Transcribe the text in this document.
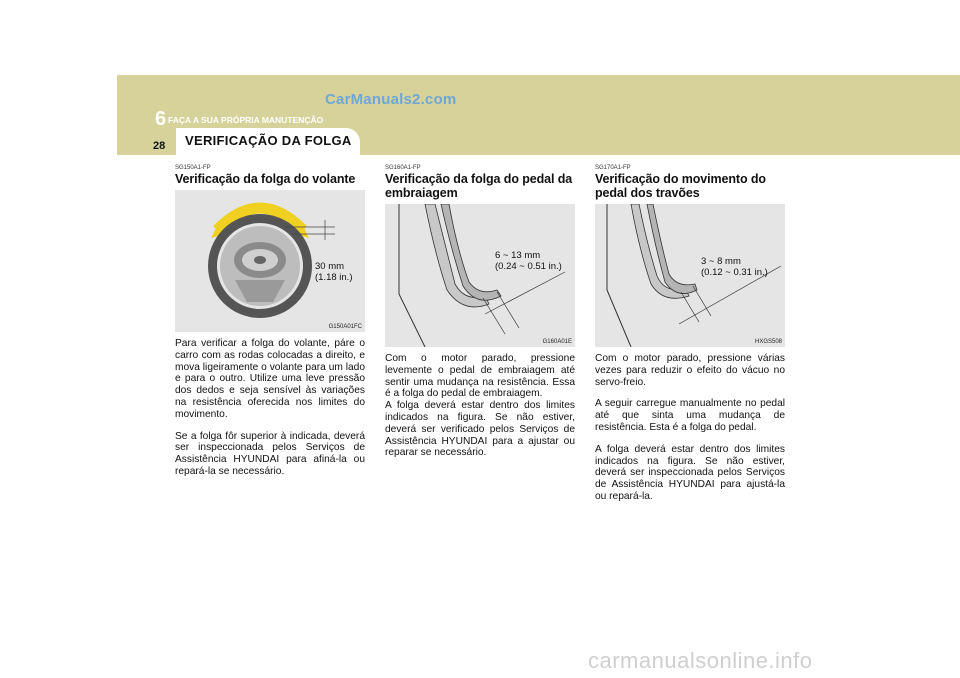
6 FAÇA A SUA PRÓPRIA MANUTENÇÃO
CarManuals2.com
28 VERIFICAÇÃO DA FOLGA

SG150A1-FP

Verificação da folga do volante
30 mm
(1.18 in.)
G150A01FC

Para verificar a folga do volante, páre o carro com as rodas colocadas a direito, e mova ligeiramente o volante para um lado e para o outro. Utilize uma leve pressão dos dedos e seja sensível às variações na resistência oferecida nos limites do movimento.

Se a folga fôr superior à indicada, deverá ser inspeccionada pelos Serviços de Assistência HYUNDAI para afiná-la ou repará-la se necessário.

SG160A1-FP

Verificação da folga do pedal da embraiagem
6 ~ 13 mm
(0.24 ~ 0.51 in.)
G160A01E

Com o motor parado, pressione levemente o pedal de embraiagem até sentir uma mudança na resistência. Essa é a folga do pedal de embraiagem.
A folga deverá estar dentro dos limites indicados na figura. Se não estiver, deverá ser verificado pelos Serviços de Assistência HYUNDAI para a ajustar ou reparar se necessário.

SG170A1-FP

Verificação do movimento do pedal dos travões
3 ~ 8 mm
(0.12 ~ 0.31 in.)
HXGS508

Com o motor parado, pressione várias vezes para reduzir o efeito do vácuo no servo-freio.

A seguir carregue manualmente no pedal até que sinta uma mudança de resistência. Esta é a folga do pedal.

A folga deverá estar dentro dos limites indicados na figura. Se não estiver, deverá ser inspeccionada pelos Serviços de Assistência HYUNDAI para ajustá-la ou repará-la.

carmanualsonline.info
